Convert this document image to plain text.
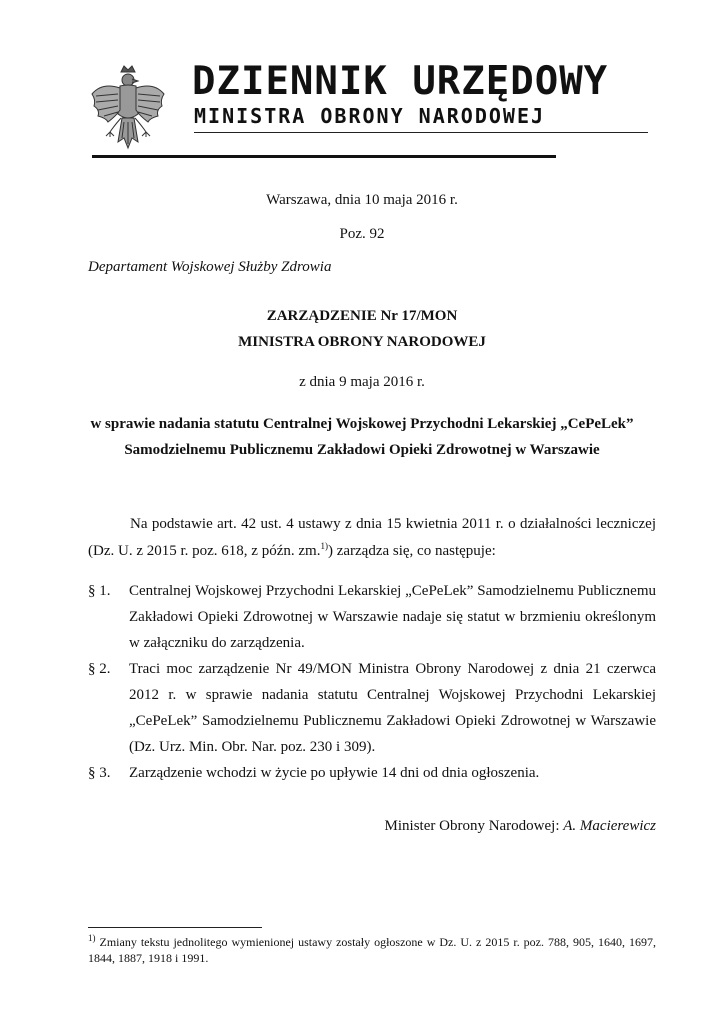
DZIENNIK URZĘDOWY
MINISTRA OBRONY NARODOWEJ
Warszawa, dnia 10 maja 2016 r.
Poz. 92
Departament Wojskowej Służby Zdrowia
ZARZĄDZENIE Nr 17/MON
MINISTRA OBRONY NARODOWEJ
z dnia 9 maja 2016 r.
w sprawie nadania statutu Centralnej Wojskowej Przychodni Lekarskiej „CePeLek”
Samodzielnemu Publicznemu Zakładowi Opieki Zdrowotnej w Warszawie
Na podstawie art. 42 ust. 4 ustawy z dnia 15 kwietnia 2011 r. o działalności leczniczej (Dz. U. z 2015 r. poz. 618, z późn. zm.$^{1)}$) zarządza się, co następuje:
§ 1.	Centralnej Wojskowej Przychodni Lekarskiej „CePeLek” Samodzielnemu Publicznemu Zakładowi Opieki Zdrowotnej w Warszawie nadaje się statut w brzmieniu określonym w załączniku do zarządzenia.
§ 2.	Traci moc zarządzenie Nr 49/MON Ministra Obrony Narodowej z dnia 21 czerwca 2012 r. w sprawie nadania statutu Centralnej Wojskowej Przychodni Lekarskiej „CePeLek” Samodzielnemu Publicznemu Zakładowi Opieki Zdrowotnej w Warszawie (Dz. Urz. Min. Obr. Nar. poz. 230 i 309).
§ 3.	Zarządzenie wchodzi w życie po upływie 14 dni od dnia ogłoszenia.
Minister Obrony Narodowej: A. Macierewicz
$^{1)}$ Zmiany tekstu jednolitego wymienionej ustawy zostały ogłoszone w Dz. U. z 2015 r. poz. 788, 905, 1640, 1697, 1844, 1887, 1918 i 1991.
